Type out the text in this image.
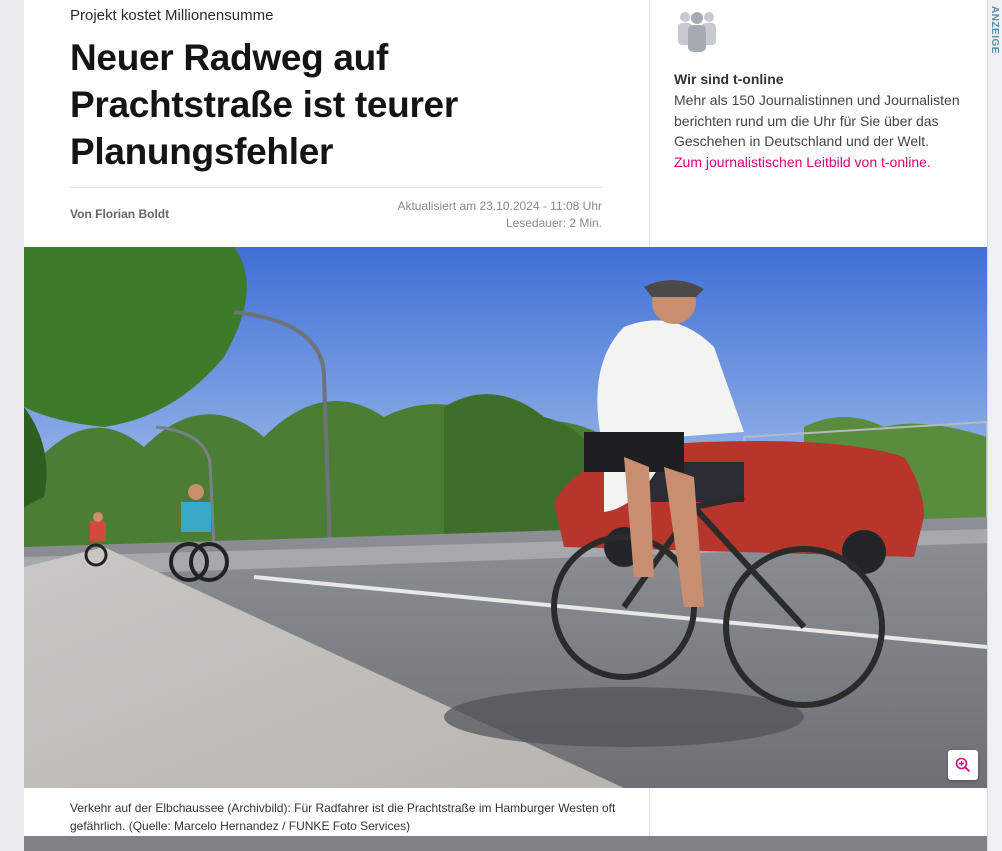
Projekt kostet Millionensumme
Neuer Radweg auf Prachtstraße ist teurer Planungsfehler
Von Florian Boldt
Aktualisiert am 23.10.2024 - 11:08 Uhr
Lesedauer: 2 Min.
Wir sind t-online
Mehr als 150 Journalistinnen und Journalisten berichten rund um die Uhr für Sie über das Geschehen in Deutschland und der Welt.
Zum journalistischen Leitbild von t-online.
Verkehr auf der Elbchaussee (Archivbild): Für Radfahrer ist die Prachtstraße im Hamburger Westen oft gefährlich. (Quelle: Marcelo Hernandez / FUNKE Foto Services)
ANZEIGE
